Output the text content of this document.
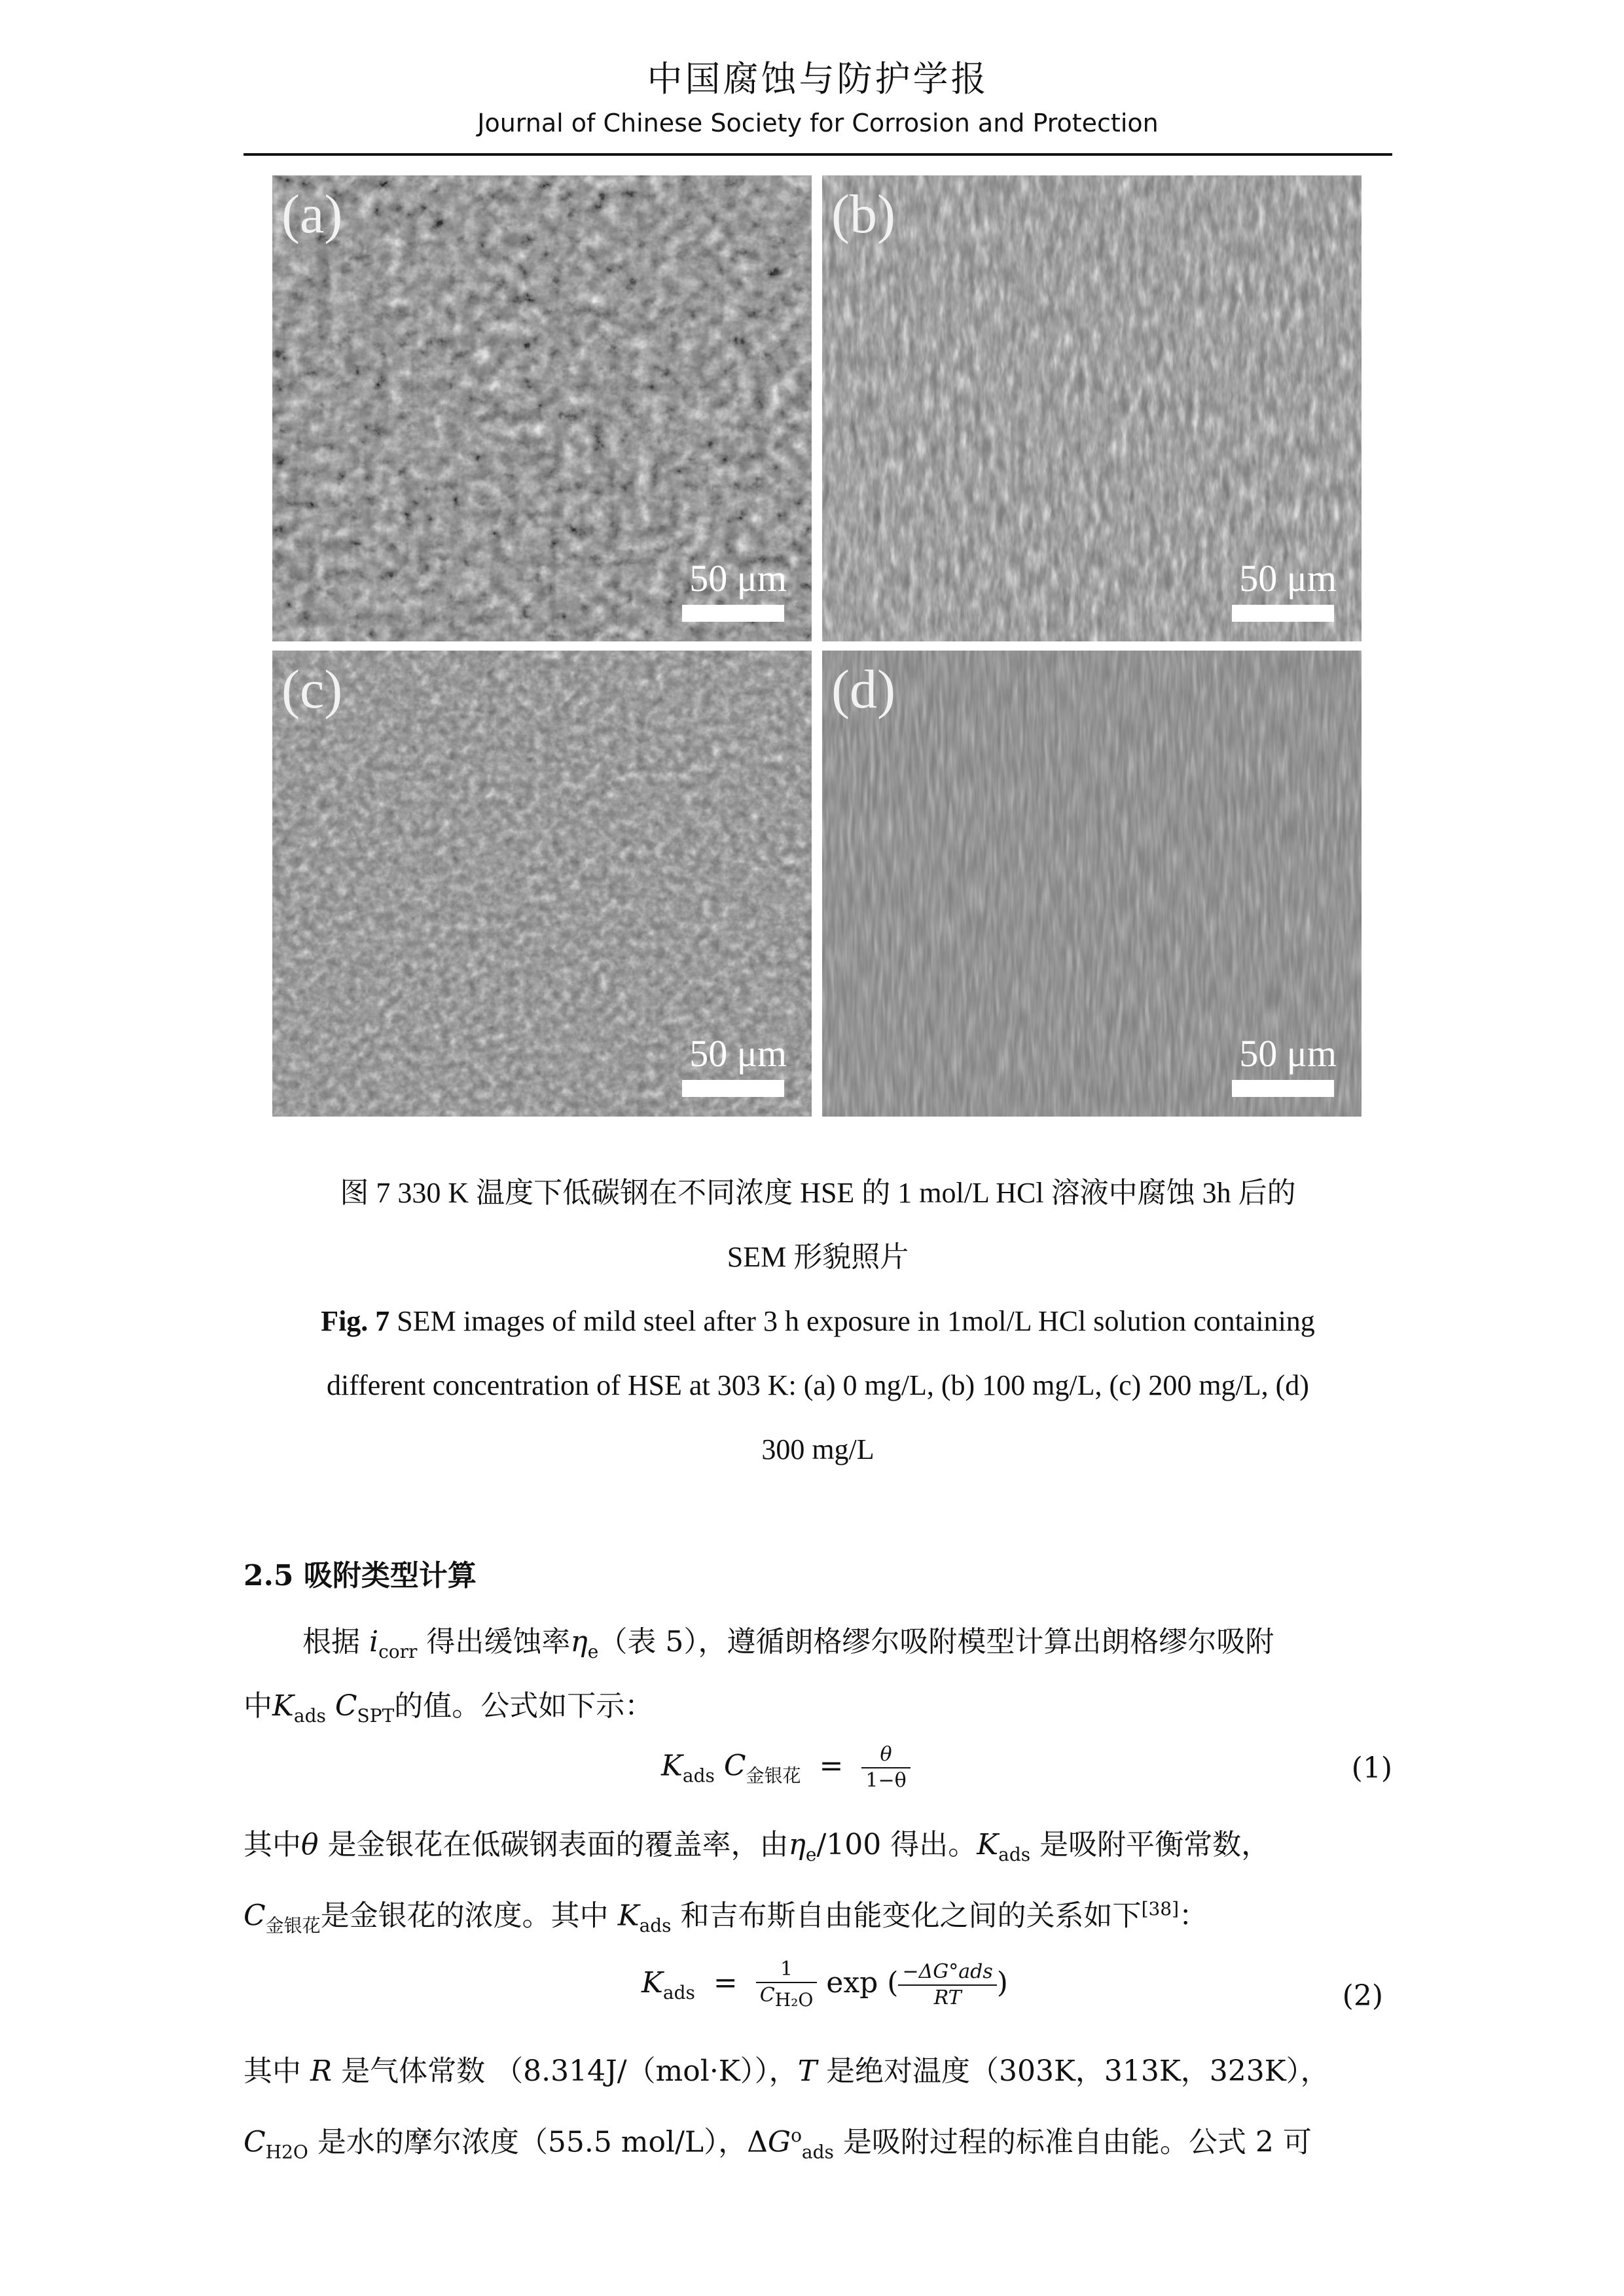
中国腐蚀与防护学报
Journal of Chinese Society for Corrosion and Protection
(a)
50 μm
(b)
50 μm
(c)
50 μm
(d)
50 μm
图 7 330 K 温度下低碳钢在不同浓度 HSE 的 1 mol/L HCl 溶液中腐蚀 3h 后的
SEM 形貌照片
Fig. 7 SEM images of mild steel after 3 h exposure in 1mol/L HCl solution containing
different concentration of HSE at 303 K: (a) 0 mg/L, (b) 100 mg/L, (c) 200 mg/L, (d)
300 mg/L
2.5 吸附类型计算
根据 $i_{corr}$ 得出缓蚀率$\eta_e$（表 5），遵循朗格缪尔吸附模型计算出朗格缪尔吸附
中$K_{ads}$ $C_{SPT}$的值。公式如下示：
$K_{ads}$ $C_{金银花} = \frac{\theta}{1-\theta}$	(1)
其中θ 是金银花在低碳钢表面的覆盖率，由$\eta_e/100$ 得出。$K_{ads}$ 是吸附平衡常数，
$C_{金银花}$是金银花的浓度。其中 $K_{ads}$ 和吉布斯自由能变化之间的关系如下[38]：
$K_{ads} = \frac{1}{C_{H_2O}}$ exp ( $\frac{\text{−ΔG°ads}}{RT}$ )	(2)
其中 R 是气体常数 （8.314J/（mol·K）），T 是绝对温度（303K，313K，323K），
$C_{H2O}$ 是水的摩尔浓度（55.5 mol/L），$\Delta G^o_{ads}$ 是吸附过程的标准自由能。公式 2 可
